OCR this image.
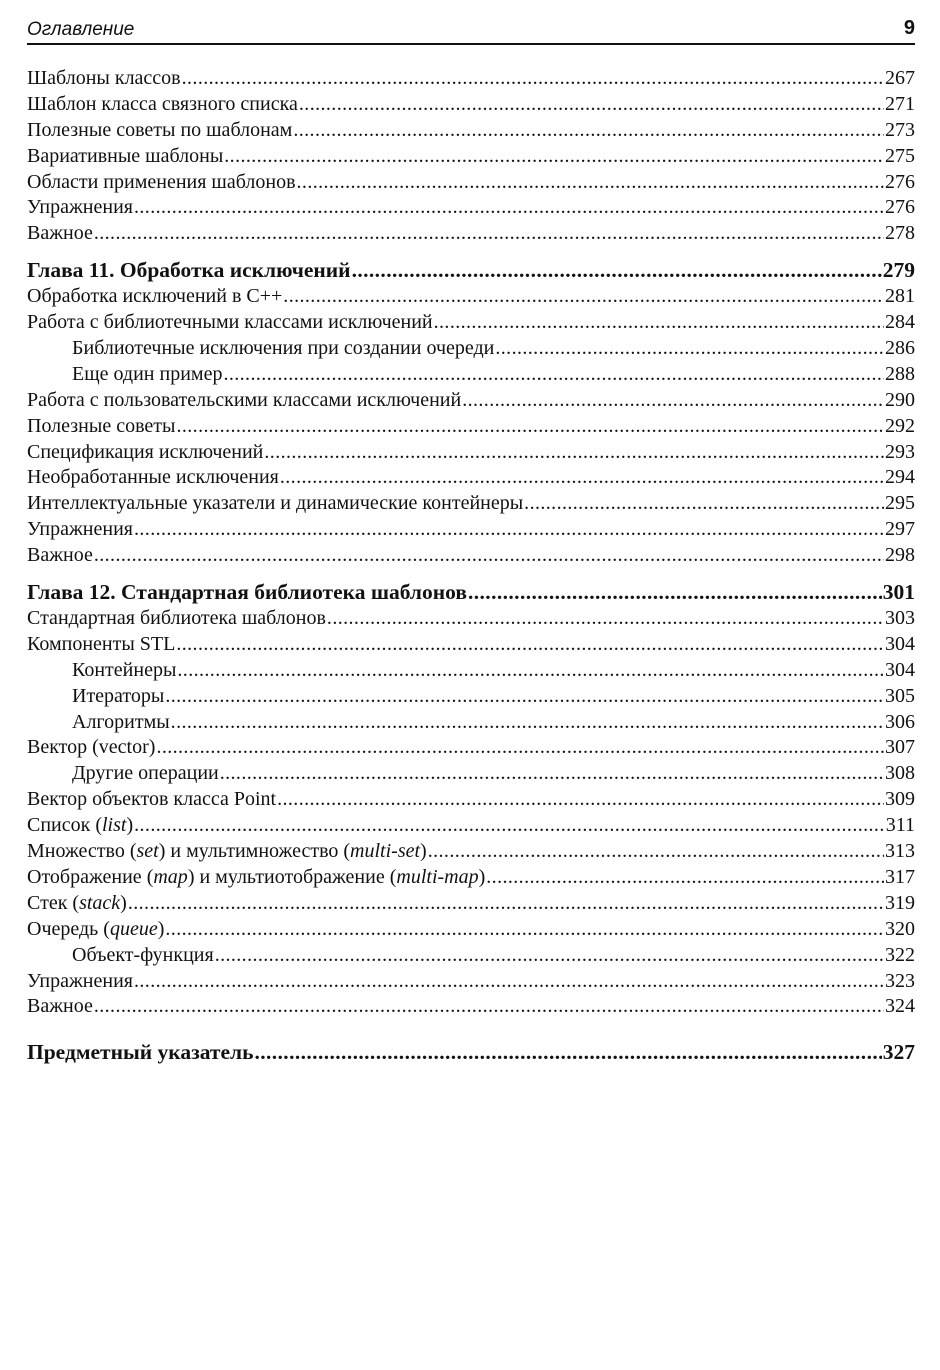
Оглавление	9
Шаблоны классов .....	267
Шаблон класса связного списка .....	271
Полезные советы по шаблонам .....	273
Вариативные шаблоны .....	275
Области применения шаблонов .....	276
Упражнения .....	276
Важное .....	278
Глава 11. Обработка исключений .....	279
Обработка исключений в С++ .....	281
Работа с библиотечными классами исключений .....	284
Библиотечные исключения при создании очереди .....	286
Еще один пример .....	288
Работа с пользовательскими классами исключений .....	290
Полезные советы .....	292
Спецификация исключений .....	293
Необработанные исключения .....	294
Интеллектуальные указатели и динамические контейнеры .....	295
Упражнения .....	297
Важное .....	298
Глава 12. Стандартная библиотека шаблонов .....	301
Стандартная библиотека шаблонов .....	303
Компоненты STL .....	304
Контейнеры .....	304
Итераторы .....	305
Алгоритмы .....	306
Вектор (vector) .....	307
Другие операции .....	308
Вектор объектов класса Point .....	309
Список (list) .....	311
Множество (set) и мультимножество (multi-set) .....	313
Отображение (map) и мультиотображение (multi-map) .....	317
Стек (stack) .....	319
Очередь (queue) .....	320
Объект-функция .....	322
Упражнения .....	323
Важное .....	324
Предметный указатель .....	327
